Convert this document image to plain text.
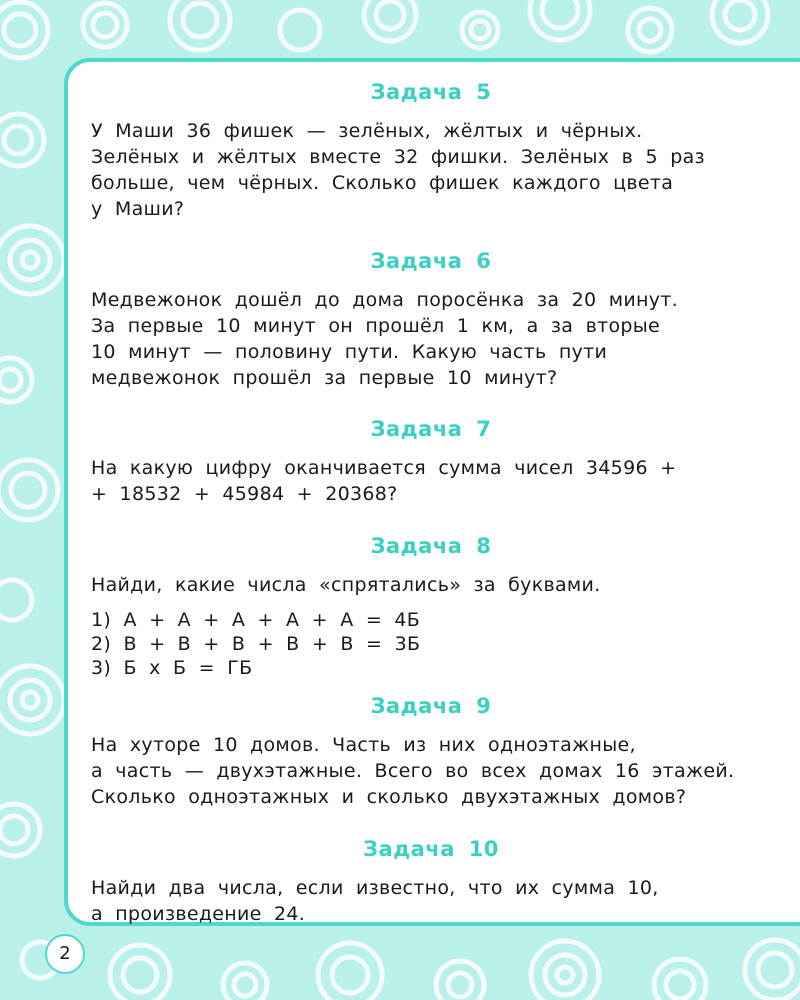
Задача 5

У Маши 36 фишек — зелёных, жёлтых и чёрных.

Зелёных и жёлтых вместе 32 фишки. Зелёных в 5 раз

больше, чем чёрных. Сколько фишек каждого цвета

у Маши?

Задача 6

Медвежонок дошёл до дома поросёнка за 20 минут.

За первые 10 минут он прошёл 1 км, а за вторые

10 минут — половину пути. Какую часть пути

медвежонок прошёл за первые 10 минут?

Задача 7

На какую цифру оканчивается сумма чисел 34596 +

+ 18532 + 45984 + 20368?

Задача 8

Найди, какие числа «спрятались» за буквами.

1) А + А + А + А + А = 4Б
2) В + В + В + В + В = 3Б
3) Б х Б = ГБ
Задача 9

На хуторе 10 домов. Часть из них одноэтажные,

а часть — двухэтажные. Всего во всех домах 16 этажей.

Сколько одноэтажных и сколько двухэтажных домов?

Задача 10

Найди два числа, если известно, что их сумма 10,

а произведение 24.

2
